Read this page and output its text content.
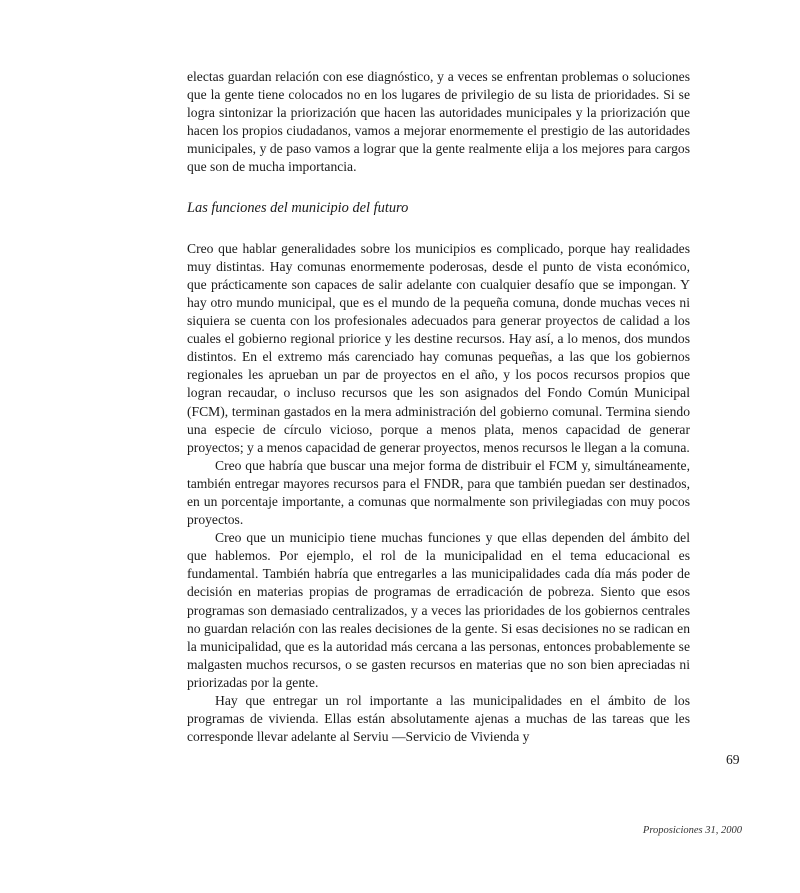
electas guardan relación con ese diagnóstico, y a veces se enfrentan problemas o soluciones que la gente tiene colocados no en los lugares de privilegio de su lista de prioridades. Si se logra sintonizar la priorización que hacen las autoridades municipales y la priorización que hacen los propios ciudadanos, vamos a mejorar enormemente el prestigio de las autoridades municipales, y de paso vamos a lograr que la gente realmente elija a los mejores para cargos que son de mucha importancia.

Las funciones del municipio del futuro

Creo que hablar generalidades sobre los municipios es complicado, porque hay realidades muy distintas. Hay comunas enormemente poderosas, desde el punto de vista económico, que prácticamente son capaces de salir adelante con cualquier desafío que se impongan. Y hay otro mundo municipal, que es el mundo de la pequeña comuna, donde muchas veces ni siquiera se cuenta con los profesionales adecuados para generar proyectos de calidad a los cuales el gobierno regional priorice y les destine recursos. Hay así, a lo menos, dos mundos distintos. En el extremo más carenciado hay comunas pequeñas, a las que los gobiernos regionales les aprueban un par de proyectos en el año, y los pocos recursos propios que logran recaudar, o incluso recursos que les son asignados del Fondo Común Municipal (FCM), terminan gastados en la mera administración del gobierno comunal. Termina siendo una especie de círculo vicioso, porque a menos plata, menos capacidad de generar proyectos; y a menos capacidad de generar proyectos, menos recursos le llegan a la comuna.

Creo que habría que buscar una mejor forma de distribuir el FCM y, simultáneamente, también entregar mayores recursos para el FNDR, para que también puedan ser destinados, en un porcentaje importante, a comunas que normalmente son privilegiadas con muy pocos proyectos.

Creo que un municipio tiene muchas funciones y que ellas dependen del ámbito del que hablemos. Por ejemplo, el rol de la municipalidad en el tema educacional es fundamental. También habría que entregarles a las municipalidades cada día más poder de decisión en materias propias de programas de erradicación de pobreza. Siento que esos programas son demasiado centralizados, y a veces las prioridades de los gobiernos centrales no guardan relación con las reales decisiones de la gente. Si esas decisiones no se radican en la municipalidad, que es la autoridad más cercana a las personas, entonces probablemente se malgasten muchos recursos, o se gasten recursos en materias que no son bien apreciadas ni priorizadas por la gente.

Hay que entregar un rol importante a las municipalidades en el ámbito de los programas de vivienda. Ellas están absolutamente ajenas a muchas de las tareas que les corresponde llevar adelante al Serviu —Servicio de Vivienda y

69
Proposiciones 31, 2000
